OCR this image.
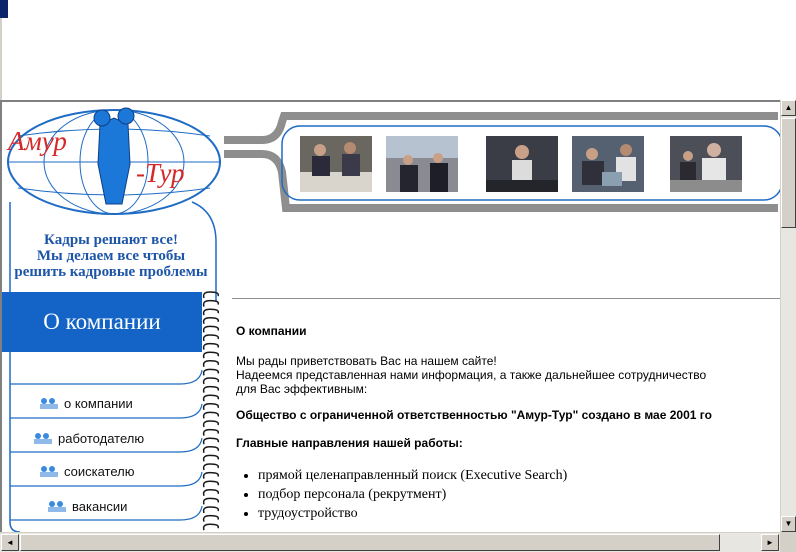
Амур
-Тур
Кадры решают все!
Мы делаем все чтобы
решить кадровые проблемы
О компании
о компании
работодателю
соискателю
вакансии

О компании

Мы рады приветствовать Вас на нашем сайте!

Надеемся представленная нами информация, а также дальнейшее сотрудничество

для Вас эффективным:

Общество с ограниченной ответственностью "Амур-Тур" создано в мае 2001 го

Главные направления нашей работы:

• прямой целенаправленный поиск (Executive Search)
• подбор персонала (рекрутмент)
• трудоустройство
▲
▼
◄	►
